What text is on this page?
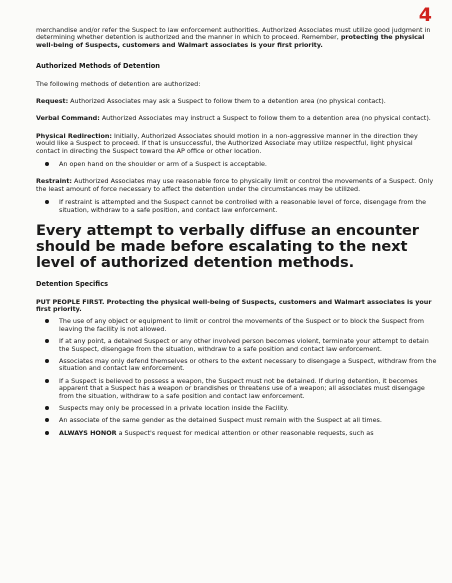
4

merchandise and/or refer the Suspect to law enforcement authorities. Authorized Associates must utilize good judgment in determining whether detention is authorized and the manner in which to proceed. Remember, protecting the physical well-being of Suspects, customers and Walmart associates is your first priority.

Authorized Methods of Detention

The following methods of detention are authorized:

Request: Authorized Associates may ask a Suspect to follow them to a detention area (no physical contact).

Verbal Command: Authorized Associates may instruct a Suspect to follow them to a detention area (no physical contact).

Physical Redirection: Initially, Authorized Associates should motion in a non-aggressive manner in the direction they would like a Suspect to proceed. If that is unsuccessful, the Authorized Associate may utilize respectful, light physical contact in directing the Suspect toward the AP office or other location.

An open hand on the shoulder or arm of a Suspect is acceptable.

Restraint: Authorized Associates may use reasonable force to physically limit or control the movements of a Suspect. Only the least amount of force necessary to affect the detention under the circumstances may be utilized.

If restraint is attempted and the Suspect cannot be controlled with a reasonable level of force, disengage from the situation, withdraw to a safe position, and contact law enforcement.

Every attempt to verbally diffuse an encounter should be made before escalating to the next level of authorized detention methods.

Detention Specifics

PUT PEOPLE FIRST. Protecting the physical well-being of Suspects, customers and Walmart associates is your first priority.

The use of any object or equipment to limit or control the movements of the Suspect or to block the Suspect from leaving the facility is not allowed.
If at any point, a detained Suspect or any other involved person becomes violent, terminate your attempt to detain the Suspect, disengage from the situation, withdraw to a safe position and contact law enforcement.
Associates may only defend themselves or others to the extent necessary to disengage a Suspect, withdraw from the situation and contact law enforcement.
If a Suspect is believed to possess a weapon, the Suspect must not be detained. If during detention, it becomes apparent that a Suspect has a weapon or brandishes or threatens use of a weapon; all associates must disengage from the situation, withdraw to a safe position and contact law enforcement.
Suspects may only be processed in a private location inside the Facility.
An associate of the same gender as the detained Suspect must remain with the Suspect at all times.
ALWAYS HONOR a Suspect's request for medical attention or other reasonable requests, such as
